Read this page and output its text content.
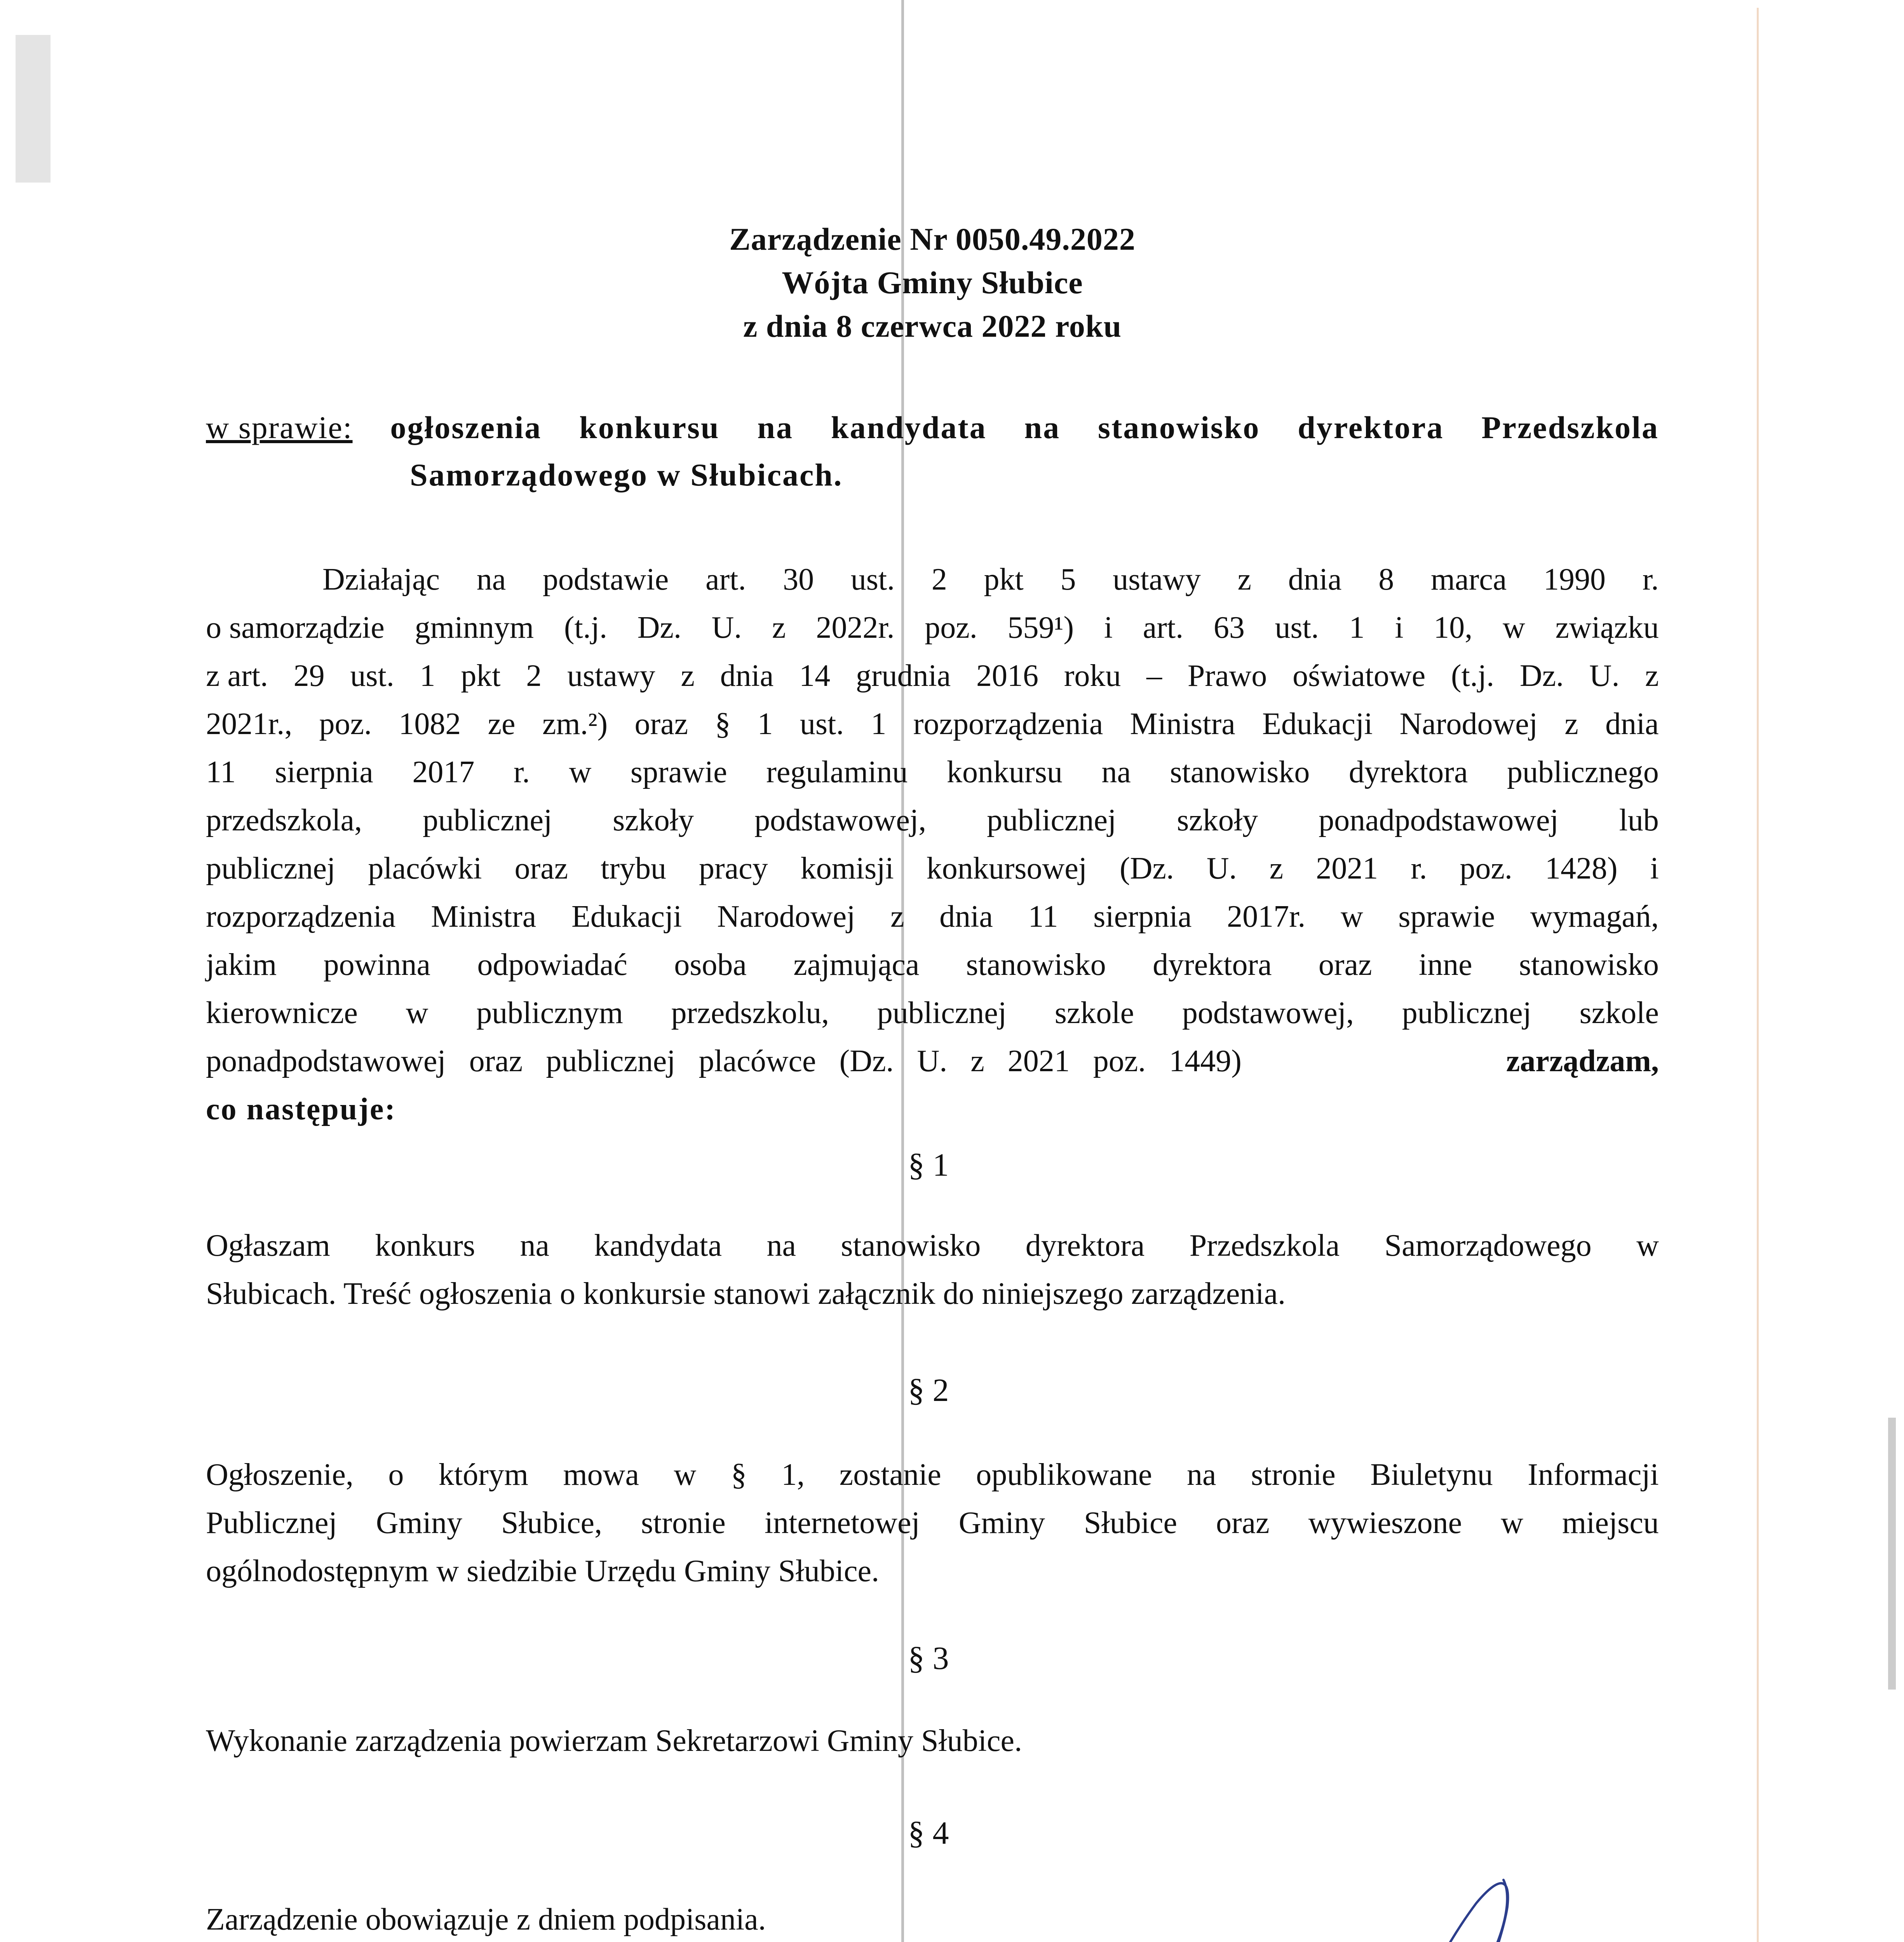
Zarządzenie Nr 0050.49.2022
Wójta Gminy Słubice
z dnia 8 czerwca 2022 roku
w sprawie: ogłoszenia konkursu na kandydata na stanowisko dyrektora Przedszkola
Samorządowego w Słubicach.
Działając na podstawie art. 30 ust. 2 pkt 5 ustawy z dnia 8 marca 1990 r.
o samorządzie gminnym (t.j. Dz. U. z 2022r. poz. 559¹) i art. 63 ust. 1 i 10, w związku
z art. 29 ust. 1 pkt 2 ustawy z dnia 14 grudnia 2016 roku – Prawo oświatowe (t.j. Dz. U. z
2021r., poz. 1082 ze zm.²) oraz § 1 ust. 1 rozporządzenia Ministra Edukacji Narodowej z dnia
11 sierpnia 2017 r. w sprawie regulaminu konkursu na stanowisko dyrektora publicznego
przedszkola, publicznej szkoły podstawowej, publicznej szkoły ponadpodstawowej lub
publicznej placówki oraz trybu pracy komisji konkursowej (Dz. U. z 2021 r. poz. 1428) i
rozporządzenia Ministra Edukacji Narodowej z dnia 11 sierpnia 2017r. w sprawie wymagań,
jakim powinna odpowiadać osoba zajmująca stanowisko dyrektora oraz inne stanowisko
kierownicze w publicznym przedszkolu, publicznej szkole podstawowej, publicznej szkole
ponadpodstawowej   oraz   publicznej   placówce   (Dz.   U.   z   2021   poz.   1449)	zarządzam,
co następuje:
§ 1
Ogłaszam konkurs na kandydata na stanowisko dyrektora Przedszkola Samorządowego w
Słubicach. Treść ogłoszenia o konkursie stanowi załącznik do niniejszego zarządzenia.
§ 2
Ogłoszenie, o którym mowa w § 1, zostanie opublikowane na stronie Biuletynu Informacji
Publicznej Gminy Słubice, stronie internetowej Gminy Słubice oraz wywieszone w miejscu
ogólnodostępnym w siedzibie Urzędu Gminy Słubice.
§ 3
Wykonanie zarządzenia powierzam Sekretarzowi Gminy Słubice.
§ 4
Zarządzenie obowiązuje z dniem podpisania.
